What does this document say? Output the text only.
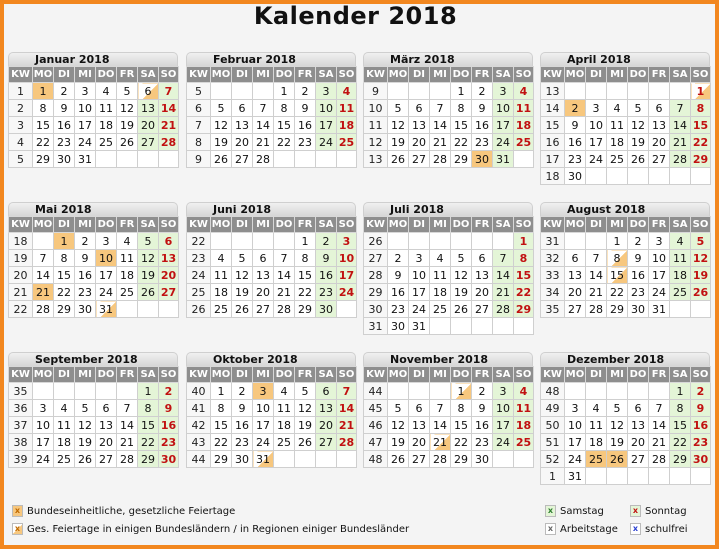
Kalender 2018
Januar 2018
KW	MO	DI	MI	DO	FR	SA	SO
1	1	2	3	4	5	6	7
2	8	9	10	11	12	13	14
3	15	16	17	18	19	20	21
4	22	23	24	25	26	27	28
5	29	30	31				
Februar 2018
KW	MO	DI	MI	DO	FR	SA	SO
5				1	2	3	4
6	5	6	7	8	9	10	11
7	12	13	14	15	16	17	18
8	19	20	21	22	23	24	25
9	26	27	28				
März 2018
KW	MO	DI	MI	DO	FR	SA	SO
9				1	2	3	4
10	5	6	7	8	9	10	11
11	12	13	14	15	16	17	18
12	19	20	21	22	23	24	25
13	26	27	28	29	30	31	
April 2018
KW	MO	DI	MI	DO	FR	SA	SO
13							1
14	2	3	4	5	6	7	8
15	9	10	11	12	13	14	15
16	16	17	18	19	20	21	22
17	23	24	25	26	27	28	29
18	30						
Mai 2018
KW	MO	DI	MI	DO	FR	SA	SO
18		1	2	3	4	5	6
19	7	8	9	10	11	12	13
20	14	15	16	17	18	19	20
21	21	22	23	24	25	26	27
22	28	29	30	31			
Juni 2018
KW	MO	DI	MI	DO	FR	SA	SO
22					1	2	3
23	4	5	6	7	8	9	10
24	11	12	13	14	15	16	17
25	18	19	20	21	22	23	24
26	25	26	27	28	29	30	
Juli 2018
KW	MO	DI	MI	DO	FR	SA	SO
26							1
27	2	3	4	5	6	7	8
28	9	10	11	12	13	14	15
29	16	17	18	19	20	21	22
30	23	24	25	26	27	28	29
31	30	31					
August 2018
KW	MO	DI	MI	DO	FR	SA	SO
31			1	2	3	4	5
32	6	7	8	9	10	11	12
33	13	14	15	16	17	18	19
34	20	21	22	23	24	25	26
35	27	28	29	30	31		
September 2018
KW	MO	DI	MI	DO	FR	SA	SO
35						1	2
36	3	4	5	6	7	8	9
37	10	11	12	13	14	15	16
38	17	18	19	20	21	22	23
39	24	25	26	27	28	29	30
Oktober 2018
KW	MO	DI	MI	DO	FR	SA	SO
40	1	2	3	4	5	6	7
41	8	9	10	11	12	13	14
42	15	16	17	18	19	20	21
43	22	23	24	25	26	27	28
44	29	30	31				
November 2018
KW	MO	DI	MI	DO	FR	SA	SO
44				1	2	3	4
45	5	6	7	8	9	10	11
46	12	13	14	15	16	17	18
47	19	20	21	22	23	24	25
48	26	27	28	29	30		
Dezember 2018
KW	MO	DI	MI	DO	FR	SA	SO
48						1	2
49	3	4	5	6	7	8	9
50	10	11	12	13	14	15	16
51	17	18	19	20	21	22	23
52	24	25	26	27	28	29	30
1	31						
x Bundeseinheitliche, gesetzliche Feiertage
x Ges. Feiertage in einigen Bundesländern / in Regionen einiger Bundesländer
x Samstag	x Sonntag
x Arbeitstage	x schulfrei
